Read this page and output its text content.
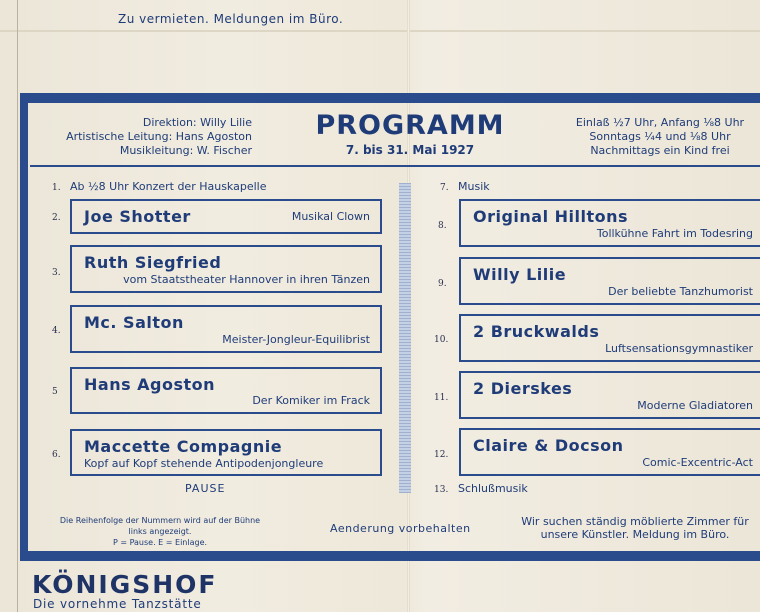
Zu vermieten. Meldungen im Büro.
Direktion: Willy Lilie
Artistische Leitung: Hans Agoston
Musikleitung: W. Fischer
PROGRAMM
7. bis 31. Mai 1927
Einlaß ½7 Uhr, Anfang ⅛8 Uhr
Sonntags ¼4 und ⅛8 Uhr
Nachmittags ein Kind frei
1. Ab ½8 Uhr Konzert der Hauskapelle
2. Joe Shotter	Musikal Clown
3.
Ruth Siegfried
vom Staatstheater Hannover in ihren Tänzen
4. Mc. Salton
Meister-Jongleur-Equilibrist
5 Hans Agoston
Der Komiker im Frack
6. Maccette Compagnie
Kopf auf Kopf stehende Antipodenjongleure
PAUSE
7. Musik
8. Original Hilltons
Tollkühne Fahrt im Todesring
9. Willy Lilie
Der beliebte Tanzhumorist
10. 2 Bruckwalds
Luftsensationsgymnastiker
11. 2 Dierskes
Moderne Gladiatoren
12. Claire & Docson
Comic-Excentric-Act
13. Schlußmusik
Die Reihenfolge der Nummern wird auf der Bühne
links angezeigt.
P = Pause. E = Einlage.
Aenderung vorbehalten
Wir suchen ständig möblierte Zimmer für
unsere Künstler. Meldung im Büro.
KÖNIGSHOF
Die vornehme Tanzstätte
